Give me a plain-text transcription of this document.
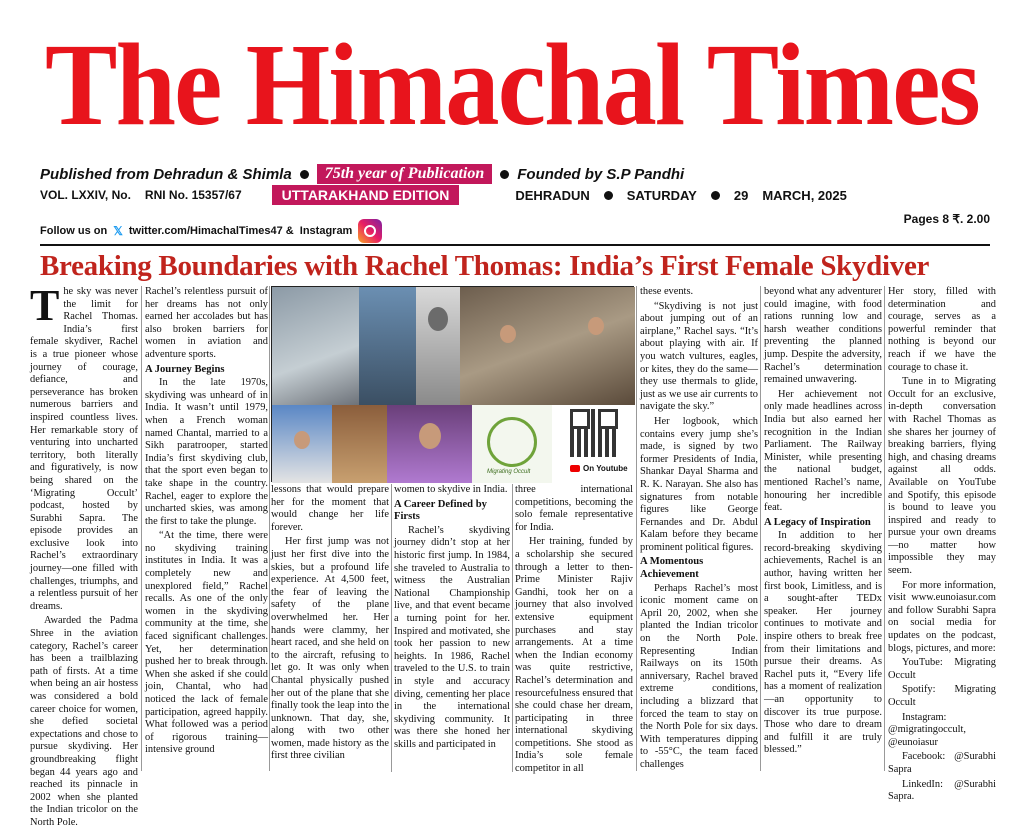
The Himachal Times
Published from Dehradun & Shimla	75th year of Publication	Founded by S.P Pandhi
VOL. LXXIV, No. RNI No. 15357/67	UTTARAKHAND EDITION	DEHRADUN	SATURDAY	29 MARCH, 2025
Pages 8 ₹. 2.00
Follow us on 𝕏 twitter.com/HimachalTimes47 & Instagram
Breaking Boundaries with Rachel Thomas: India’s First Female Skydiver

The sky was never the limit for Rachel Thomas. India’s first female skydiver, Rachel is a true pioneer whose journey of courage, defiance, and perseverance has broken numerous barriers and inspired countless lives. Her remarkable story of venturing into uncharted territory, both literally and figuratively, is now being shared on the ‘Migrating Occult’ podcast, hosted by Surabhi Sapra. The episode provides an exclusive look into Rachel’s extraordinary journey—one filled with challenges, triumphs, and a relentless pursuit of her dreams.

Awarded the Padma Shree in the aviation category, Rachel’s career has been a trailblazing path of firsts. At a time when being an air hostess was considered a bold career choice for women, she defied societal expectations and chose to pursue skydiving. Her groundbreaking flight began 44 years ago and reached its pinnacle in 2002 when she planted the Indian tricolor on the North Pole.

Rachel’s relentless pursuit of her dreams has not only earned her accolades but has also broken barriers for women in aviation and adventure sports.

A Journey Begins

In the late 1970s, skydiving was unheard of in India. It wasn’t until 1979, when a French woman named Chantal, married to a Sikh paratrooper, started India’s first skydiving club, that the sport even began to take shape in the country. Rachel, eager to explore the uncharted skies, was among the first to take the plunge.

“At the time, there were no skydiving training institutes in India. It was a completely new and unexplored field,” Rachel recalls. As one of the only women in the skydiving community at the time, she faced significant challenges. Yet, her determination pushed her to break through. When she asked if she could join, Chantal, who had noticed the lack of female participation, agreed happily. What followed was a period of rigorous training—intensive ground

Migrating Occult	On Youtube

lessons that would prepare her for the moment that would change her life forever.

Her first jump was not just her first dive into the skies, but a profound life experience. At 4,500 feet, the fear of leaving the safety of the plane overwhelmed her. Her hands were clammy, her heart raced, and she held on to the aircraft, refusing to let go. It was only when Chantal physically pushed her out of the plane that she finally took the leap into the unknown. That day, she, along with two other women, made history as the first three civilian

women to skydive in India.

A Career Defined by Firsts

Rachel’s skydiving journey didn’t stop at her historic first jump. In 1984, she traveled to Australia to witness the Australian National Championship live, and that event became a turning point for her. Inspired and motivated, she took her passion to new heights. In 1986, Rachel traveled to the U.S. to train in style and accuracy diving, cementing her place in the international skydiving community. It was there she honed her skills and participated in

three international competitions, becoming the solo female representative for India.

Her training, funded by a scholarship she secured through a letter to then-Prime Minister Rajiv Gandhi, took her on a journey that also involved extensive equipment purchases and stay arrangements. At a time when the Indian economy was quite restrictive, Rachel’s determination and resourcefulness ensured that she could chase her dream, participating in three international skydiving competitions. She stood as India’s sole female competitor in all

these events.

“Skydiving is not just about jumping out of an airplane,” Rachel says. “It’s about playing with air. If you watch vultures, eagles, or kites, they do the same—they use thermals to glide, just as we use air currents to navigate the sky.”

Her logbook, which contains every jump she’s made, is signed by two former Presidents of India, Shankar Dayal Sharma and R. K. Narayan. She also has signatures from notable figures like George Fernandes and Dr. Abdul Kalam before they became prominent political figures.

A Momentous Achievement

Perhaps Rachel’s most iconic moment came on April 20, 2002, when she planted the Indian tricolor on the North Pole. Representing Indian Railways on its 150th anniversary, Rachel braved extreme conditions, including a blizzard that forced the team to stay on the North Pole for six days. With temperatures dipping to -55°C, the team faced challenges

beyond what any adventurer could imagine, with food rations running low and harsh weather conditions preventing the planned jump. Despite the adversity, Rachel’s determination remained unwavering.

Her achievement not only made headlines across India but also earned her recognition in the Indian Parliament. The Railway Minister, while presenting the national budget, mentioned Rachel’s name, honouring her incredible feat.

A Legacy of Inspiration

In addition to her record-breaking skydiving achievements, Rachel is an author, having written her first book, Limitless, and is a sought-after TEDx speaker. Her journey continues to motivate and inspire others to break free from their limitations and pursue their dreams. As Rachel puts it, “Every life has a moment of realization—an opportunity to discover its true purpose. Those who dare to dream and fulfill it are truly blessed.”

Her story, filled with determination and courage, serves as a powerful reminder that nothing is beyond our reach if we have the courage to chase it.

Tune in to Migrating Occult for an exclusive, in-depth conversation with Rachel Thomas as she shares her journey of breaking barriers, flying high, and chasing dreams against all odds. Available on YouTube and Spotify, this episode is bound to leave you inspired and ready to pursue your own dreams—no matter how impossible they may seem.

For more information, visit www.eunoiasur.com and follow Surabhi Sapra on social media for updates on the podcast, blogs, pictures, and more:

YouTube: Migrating Occult

Spotify: Migrating Occult

Instagram: @migratingoccult, @eunoiasur

Facebook: @Surabhi Sapra

LinkedIn: @Surabhi Sapra.
